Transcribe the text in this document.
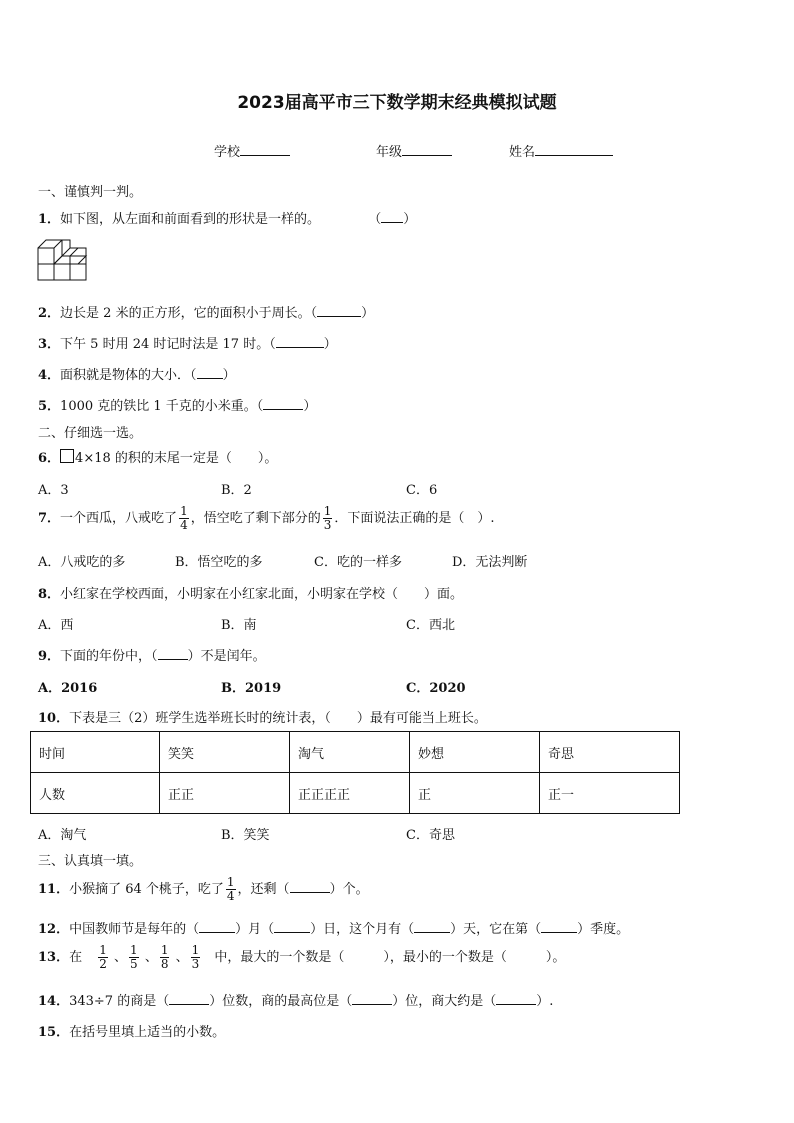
2023届高平市三下数学期末经典模拟试题
学校	年级	姓名
一、谨慎判一判。
1．如下图，从左面和前面看到的形状是一样的。	（ ）
2．边长是 2 米的正方形，它的面积小于周长。（	）
3．下午 5 时用 24 时记时法是 17 时。（	）
4．面积就是物体的大小．（ ）
5．1000 克的铁比 1 千克的小米重。（	）
二、仔细选一选。
6． 4×18 的积的末尾一定是（　　）。
A．3	B．2	C．6
7．一个西瓜，八戒吃了 $\frac{1}{4}$ ，悟空吃了剩下部分的 $\frac{1}{3}$ ．下面说法正确的是（　）.
A．八戒吃的多	B．悟空吃的多	C．吃的一样多	D．无法判断
8．小红家在学校西面，小明家在小红家北面，小明家在学校（　　）面。
A．西	B．南	C．西北
9．下面的年份中，（ ）不是闰年。
A．2016	B．2019	C．2020
10．下表是三（2）班学生选举班长时的统计表，（　　）最有可能当上班长。
时间	笑笑	淘气	妙想	奇思
人数	正正	正正正正	正	正一
A．淘气	B．笑笑	C．奇思
三、认真填一填。
11．小猴摘了 64 个桃子，吃了 $\frac{1}{4}$ ，还剩（	）个。
12．中国教师节是每年的（	）月（	）日，这个月有（	）天，它在第（	）季度。
13．在 $\frac{1}{2}$ 、 $\frac{1}{5}$ 、 $\frac{1}{8}$ 、 $\frac{1}{3}$ 中，最大的一个数是（　　　），最小的一个数是（　　　）。
14．343÷7 的商是（	）位数，商的最高位是（	）位，商大约是（	）.
15．在括号里填上适当的小数。
